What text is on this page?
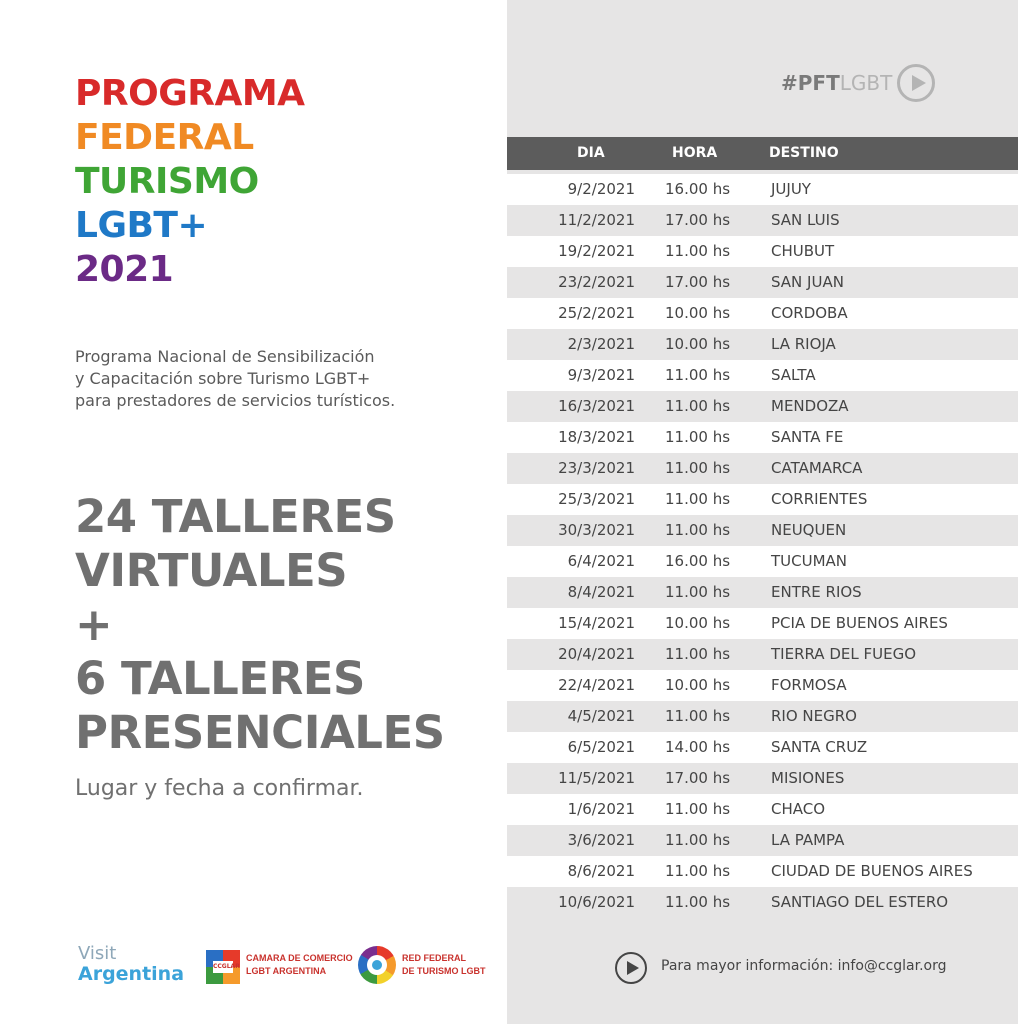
PROGRAMA
FEDERAL
TURISMO
LGBT+
2021
Programa Nacional de Sensibilización
y Capacitación sobre Turismo LGBT+
para prestadores de servicios turísticos.
24 TALLERES
VIRTUALES
+
6 TALLERES
PRESENCIALES
Lugar y fecha a confirmar.
Visit
Argentina	CCGLAR
CAMARA DE COMERCIO
LGBT ARGENTINA
RED FEDERAL
DE TURISMO LGBT
#PFTLGBT
DIA	HORA	DESTINO
9/2/2021 16.00 hs	JUJUY
11/2/2021 17.00 hs	SAN LUIS
19/2/2021 11.00 hs	CHUBUT
23/2/2021 17.00 hs	SAN JUAN
25/2/2021 10.00 hs	CORDOBA
2/3/2021 10.00 hs	LA RIOJA
9/3/2021 11.00 hs	SALTA
16/3/2021 11.00 hs	MENDOZA
18/3/2021 11.00 hs	SANTA FE
23/3/2021 11.00 hs	CATAMARCA
25/3/2021 11.00 hs	CORRIENTES
30/3/2021 11.00 hs	NEUQUEN
6/4/2021 16.00 hs	TUCUMAN
8/4/2021 11.00 hs	ENTRE RIOS
15/4/2021 10.00 hs	PCIA DE BUENOS AIRES
20/4/2021 11.00 hs	TIERRA DEL FUEGO
22/4/2021 10.00 hs	FORMOSA
4/5/2021 11.00 hs	RIO NEGRO
6/5/2021 14.00 hs	SANTA CRUZ
11/5/2021 17.00 hs	MISIONES
1/6/2021 11.00 hs	CHACO
3/6/2021 11.00 hs	LA PAMPA
8/6/2021 11.00 hs	CIUDAD DE BUENOS AIRES
10/6/2021 11.00 hs	SANTIAGO DEL ESTERO
Para mayor información: info@ccglar.org
